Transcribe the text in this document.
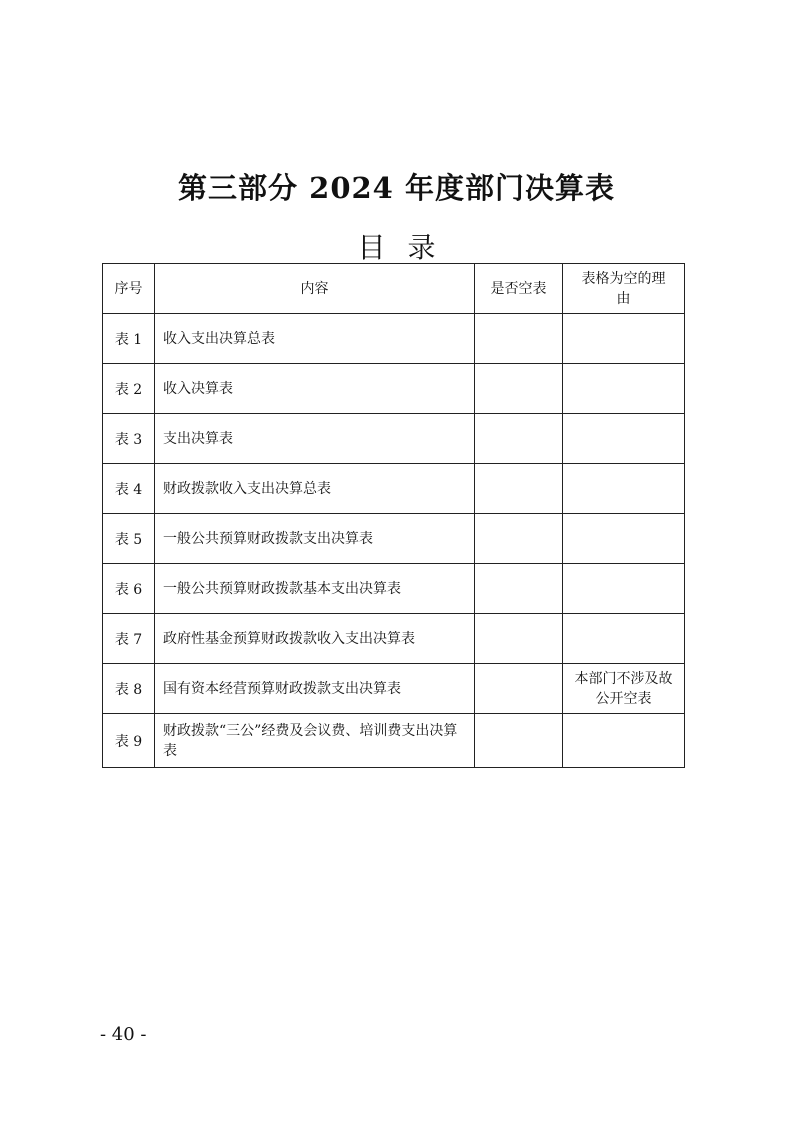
第三部分 2024 年度部门决算表
目录
序号	内容	是否空表	表格为空的理由
表 1	收入支出决算总表		
表 2	收入决算表		
表 3	支出决算表		
表 4	财政拨款收入支出决算总表		
表 5	一般公共预算财政拨款支出决算表		
表 6	一般公共预算财政拨款基本支出决算表		
表 7	政府性基金预算财政拨款收入支出决算表		
表 8	国有资本经营预算财政拨款支出决算表		本部门不涉及故公开空表
表 9	财政拨款“三公”经费及会议费、培训费支出决算表		
- 40 -
